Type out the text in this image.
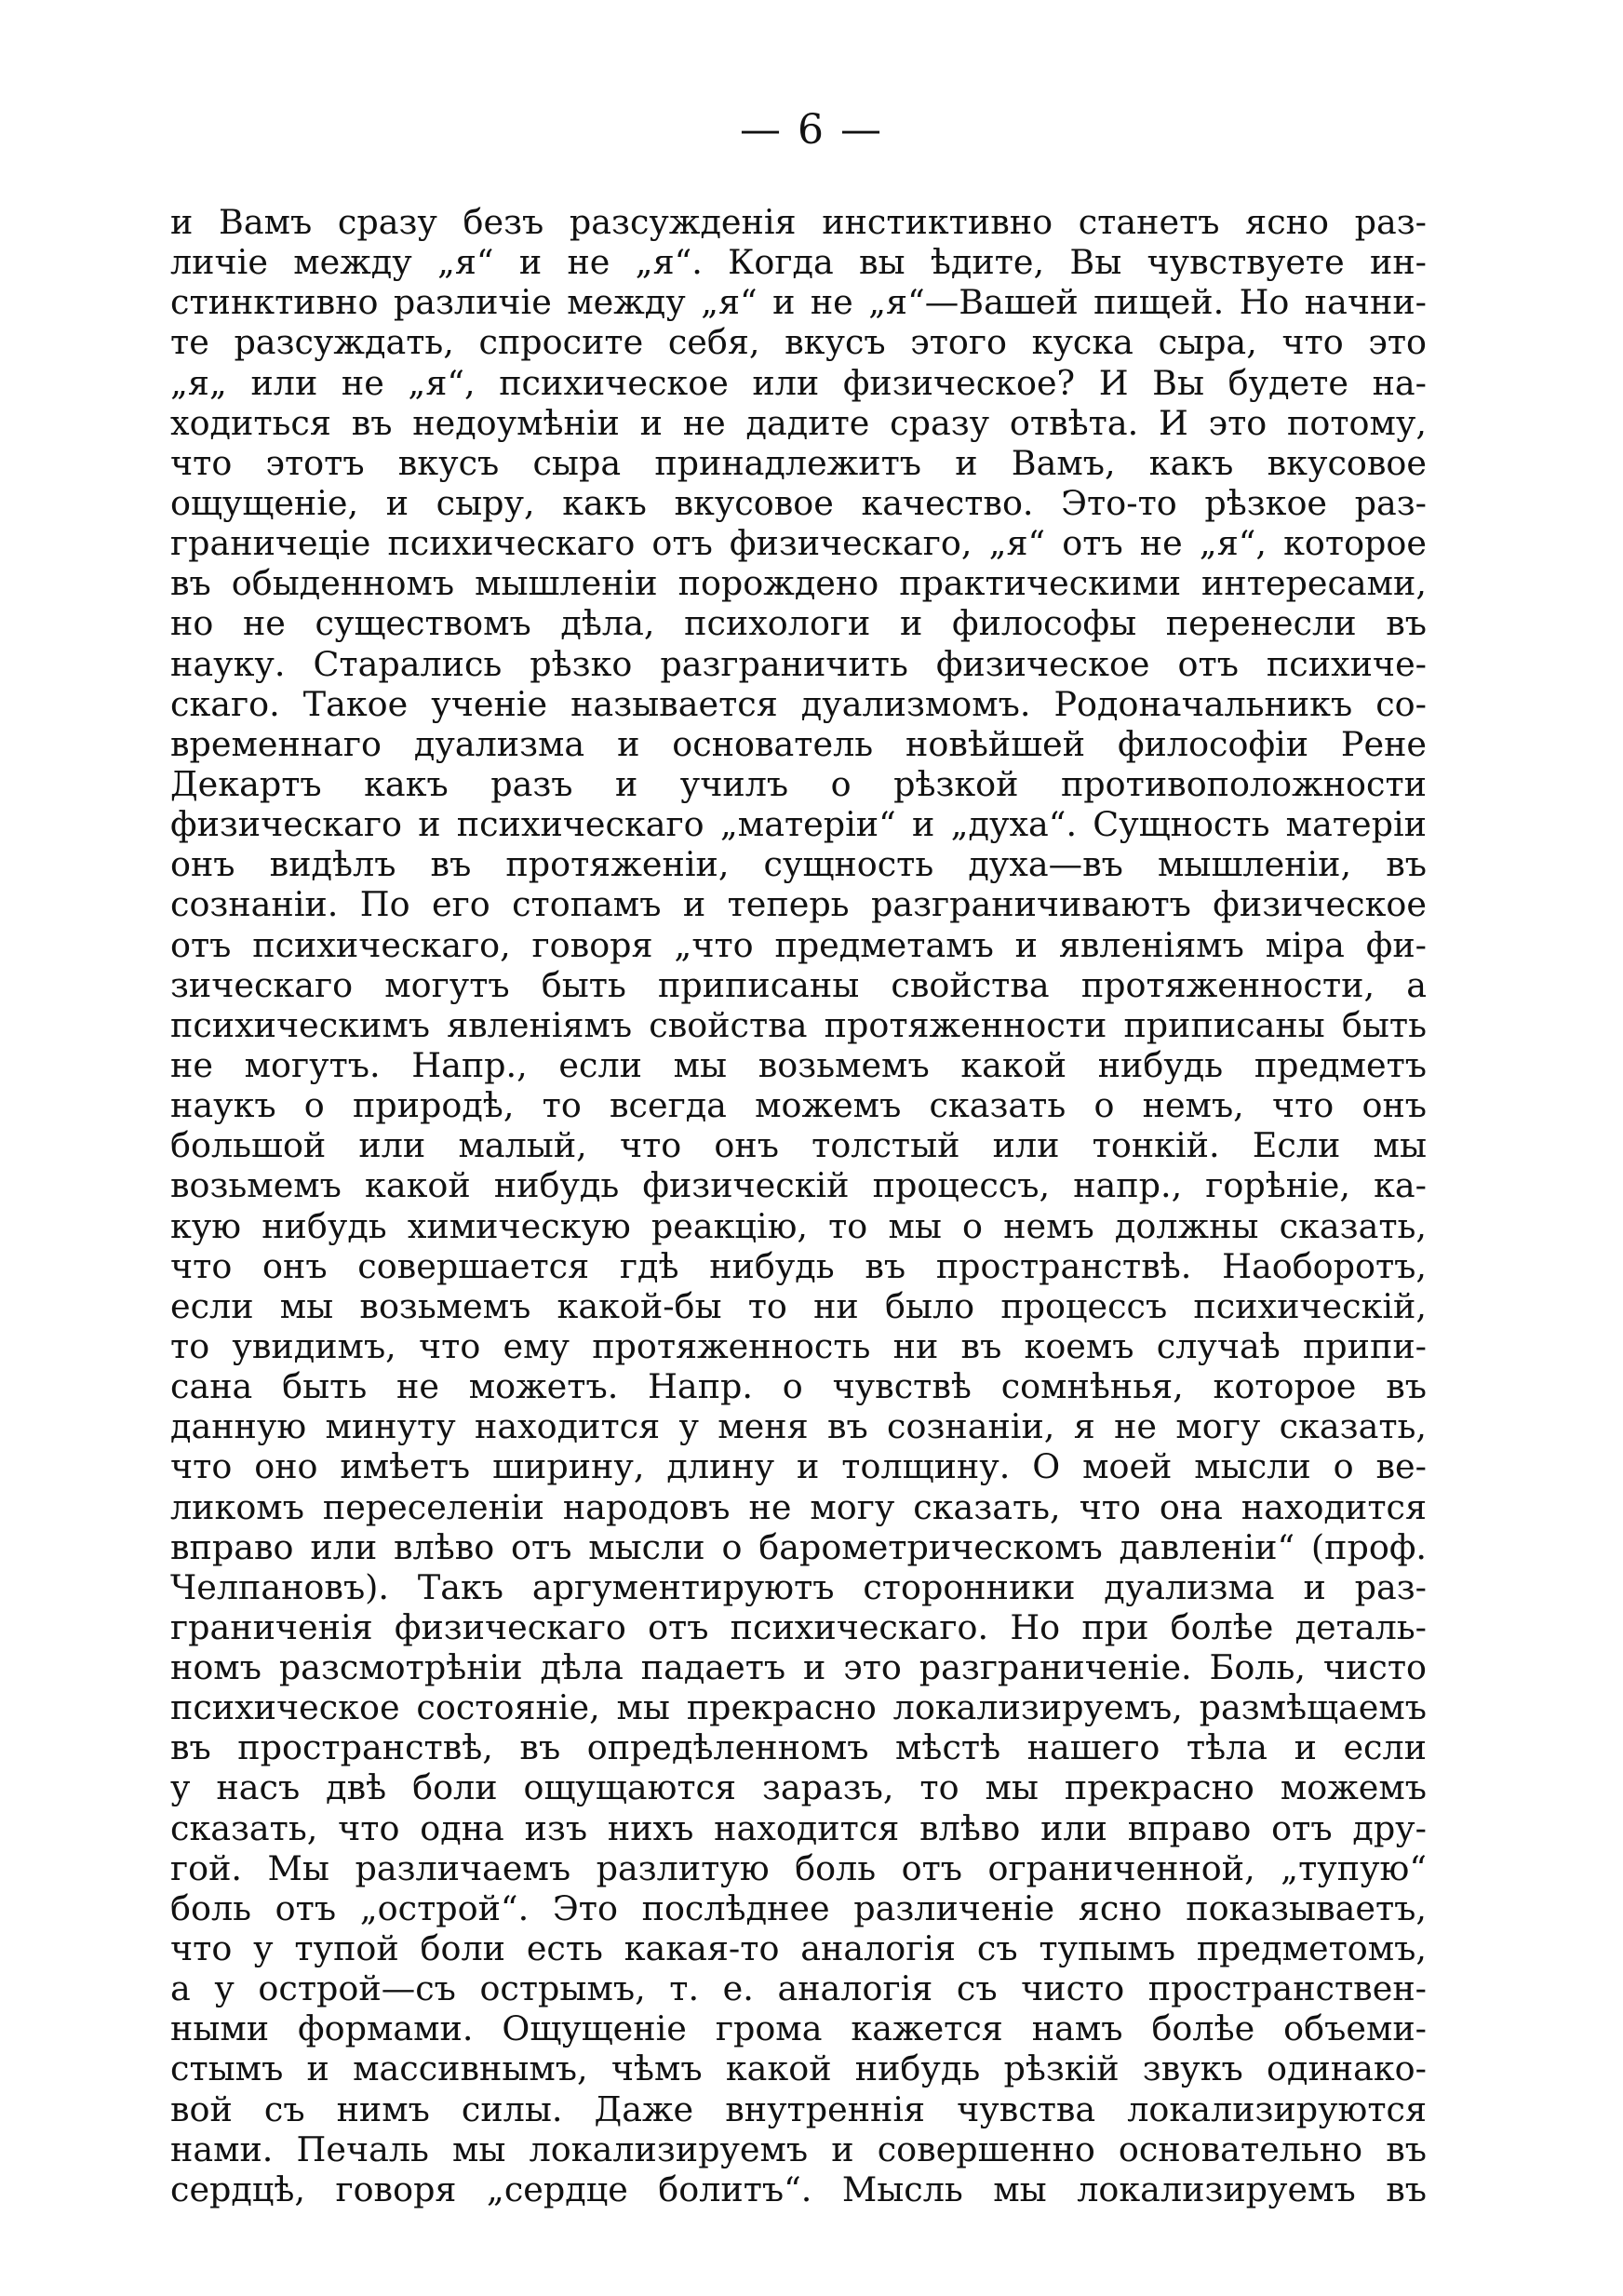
— 6 —
и Вамъ сразу безъ разсужденія инстиктивно станетъ ясно раз-
личіе между „я“ и не „я“. Когда вы ѣдите, Вы чувствуете ин-
стинктивно различіе между „я“ и не „я“—Вашей пищей. Но начни-
те разсуждать, спросите себя, вкусъ этого куска сыра, что это
„я„ или не „я“, психическое или физическое? И Вы будете на-
ходиться въ недоумѣніи и не дадите сразу отвѣта. И это потому,
что этотъ вкусъ сыра принадлежитъ и Вамъ, какъ вкусовое
ощущеніе, и сыру, какъ вкусовое качество. Это-то рѣзкое раз-
граничеціе психическаго отъ физическаго, „я“ отъ не „я“, которое
въ обыденномъ мышленіи порождено практическими интересами,
но не существомъ дѣла, психологи и философы перенесли въ
науку. Старались рѣзко разграничить физическое отъ психиче-
скаго. Такое ученіе называется дуализмомъ. Родоначальникъ со-
временнаго дуализма и основатель новѣйшей философіи Рене
Декартъ какъ разъ и училъ о рѣзкой противоположности
физическаго и психическаго „матеріи“ и „духа“. Сущность матеріи
онъ видѣлъ въ протяженіи, сущность духа—въ мышленіи, въ
сознаніи. По его стопамъ и теперь разграничиваютъ физическое
отъ психическаго, говоря „что предметамъ и явленіямъ міра фи-
зическаго могутъ быть приписаны свойства протяженности, а
психическимъ явленіямъ свойства протяженности приписаны быть
не могутъ. Напр., если мы возьмемъ какой нибудь предметъ
наукъ о природѣ, то всегда можемъ сказать о немъ, что онъ
большой или малый, что онъ толстый или тонкій. Если мы
возьмемъ какой нибудь физическій процессъ, напр., горѣніе, ка-
кую нибудь химическую реакцію, то мы о немъ должны сказать,
что онъ совершается гдѣ нибудь въ пространствѣ. Наоборотъ,
если мы возьмемъ какой-бы то ни было процессъ психическій,
то увидимъ, что ему протяженность ни въ коемъ случаѣ припи-
сана быть не можетъ. Напр. о чувствѣ сомнѣнья, которое въ
данную минуту находится у меня въ сознаніи, я не могу сказать,
что оно имѣетъ ширину, длину и толщину. О моей мысли о ве-
ликомъ переселеніи народовъ не могу сказать, что она находится
вправо или влѣво отъ мысли о барометрическомъ давленіи“ (проф.
Челпановъ). Такъ аргументируютъ сторонники дуализма и раз-
граниченія физическаго отъ психическаго. Но при болѣе деталь-
номъ разсмотрѣніи дѣла падаетъ и это разграниченіе. Боль, чисто
психическое состояніе, мы прекрасно локализируемъ, размѣщаемъ
въ пространствѣ, въ опредѣленномъ мѣстѣ нашего тѣла и если
у насъ двѣ боли ощущаются заразъ, то мы прекрасно можемъ
сказать, что одна изъ нихъ находится влѣво или вправо отъ дру-
гой. Мы различаемъ разлитую боль отъ ограниченной, „тупую“
боль отъ „острой“. Это послѣднее различеніе ясно показываетъ,
что у тупой боли есть какая-то аналогія съ тупымъ предметомъ,
а у острой—съ острымъ, т. е. аналогія съ чисто пространствен-
ными формами. Ощущеніе грома кажется намъ болѣе объеми-
стымъ и массивнымъ, чѣмъ какой нибудь рѣзкій звукъ одинако-
вой съ нимъ силы. Даже внутреннія чувства локализируются
нами. Печаль мы локализируемъ и совершенно основательно въ
сердцѣ, говоря „сердце болитъ“. Мысль мы локализируемъ въ
